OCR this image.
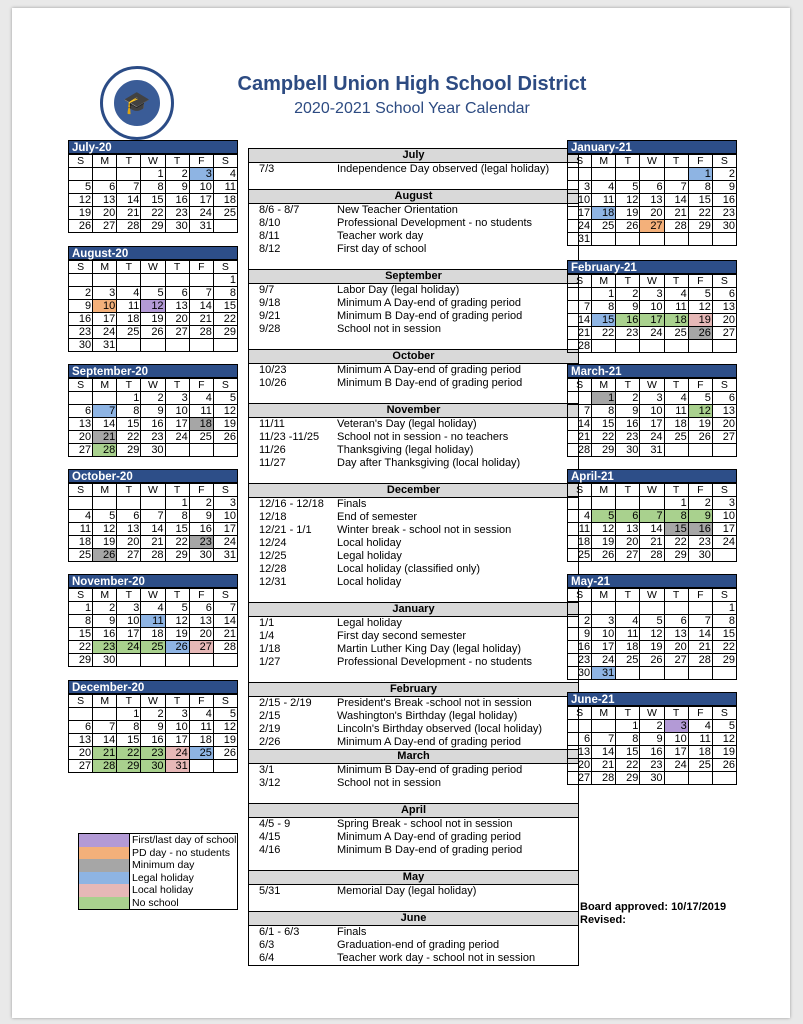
🎓
Campbell Union High School District
2020-2021 School Year Calendar
July
7/3	Independence Day observed (legal holiday)
August
8/6 - 8/7	New Teacher Orientation
8/10	Professional Development - no students
8/11	Teacher work day
8/12	First day of school
September
9/7	Labor Day (legal holiday)
9/18	Minimum A Day-end of grading period
9/21	Minimum B Day-end of grading period
9/28	School not in session
October
10/23	Minimum A Day-end of grading period
10/26	Minimum B Day-end of grading period
November
11/11	Veteran's Day (legal holiday)
11/23 -11/25	School not in session - no teachers
11/26	Thanksgiving (legal holiday)
11/27	Day after Thanksgiving (local holiday)
December
12/16 - 12/18	Finals
12/18	End of semester
12/21 - 1/1	Winter break - school not in session
12/24	Local holiday
12/25	Legal holiday
12/28	Local holiday (classified only)
12/31	Local holiday
January
1/1	Legal holiday
1/4	First day second semester
1/18	Martin Luther King Day (legal holiday)
1/27	Professional Development - no students
February
2/15 - 2/19	President's Break -school not in session
2/15	Washington's Birthday (legal holiday)
2/19	Lincoln's Birthday observed (local holiday)
2/26	Minimum A Day-end of grading period
March
3/1	Minimum B Day-end of grading period
3/12	School not in session
April
4/5 - 9	Spring Break - school not in session
4/15	Minimum A Day-end of grading period
4/16	Minimum B Day-end of grading period
May
5/31	Memorial Day (legal holiday)
June
6/1 - 6/3	Finals
6/3	Graduation-end of grading period
6/4	Teacher work day - school not in session
First/last day of school
PD day - no students
Minimum day
Legal holiday
Local holiday
No school	Board approved: 10/17/2019
Revised:
July-20
S	M	T	W	T	F	S
			1	2	3	4
5	6	7	8	9	10	11
12	13	14	15	16	17	18
19	20	21	22	23	24	25
26	27	28	29	30	31	
August-20
S	M	T	W	T	F	S
						1
2	3	4	5	6	7	8
9	10	11	12	13	14	15
16	17	18	19	20	21	22
23	24	25	26	27	28	29
30	31					
September-20
S	M	T	W	T	F	S
		1	2	3	4	5
6	7	8	9	10	11	12
13	14	15	16	17	18	19
20	21	22	23	24	25	26
27	28	29	30			
October-20
S	M	T	W	T	F	S
				1	2	3
4	5	6	7	8	9	10
11	12	13	14	15	16	17
18	19	20	21	22	23	24
25	26	27	28	29	30	31
November-20
S	M	T	W	T	F	S
1	2	3	4	5	6	7
8	9	10	11	12	13	14
15	16	17	18	19	20	21
22	23	24	25	26	27	28
29	30					
December-20
S	M	T	W	T	F	S
		1	2	3	4	5
6	7	8	9	10	11	12
13	14	15	16	17	18	19
20	21	22	23	24	25	26
27	28	29	30	31		
January-21
S	M	T	W	T	F	S
					1	2
3	4	5	6	7	8	9
10	11	12	13	14	15	16
17	18	19	20	21	22	23
24	25	26	27	28	29	30
31						
February-21
S	M	T	W	T	F	S
	1	2	3	4	5	6
7	8	9	10	11	12	13
14	15	16	17	18	19	20
21	22	23	24	25	26	27
28						
March-21
S	M	T	W	T	F	S
	1	2	3	4	5	6
7	8	9	10	11	12	13
14	15	16	17	18	19	20
21	22	23	24	25	26	27
28	29	30	31			
April-21
S	M	T	W	T	F	S
				1	2	3
4	5	6	7	8	9	10
11	12	13	14	15	16	17
18	19	20	21	22	23	24
25	26	27	28	29	30	
May-21
S	M	T	W	T	F	S
						1
2	3	4	5	6	7	8
9	10	11	12	13	14	15
16	17	18	19	20	21	22
23	24	25	26	27	28	29
30	31					
June-21
S	M	T	W	T	F	S
		1	2	3	4	5
6	7	8	9	10	11	12
13	14	15	16	17	18	19
20	21	22	23	24	25	26
27	28	29	30			
